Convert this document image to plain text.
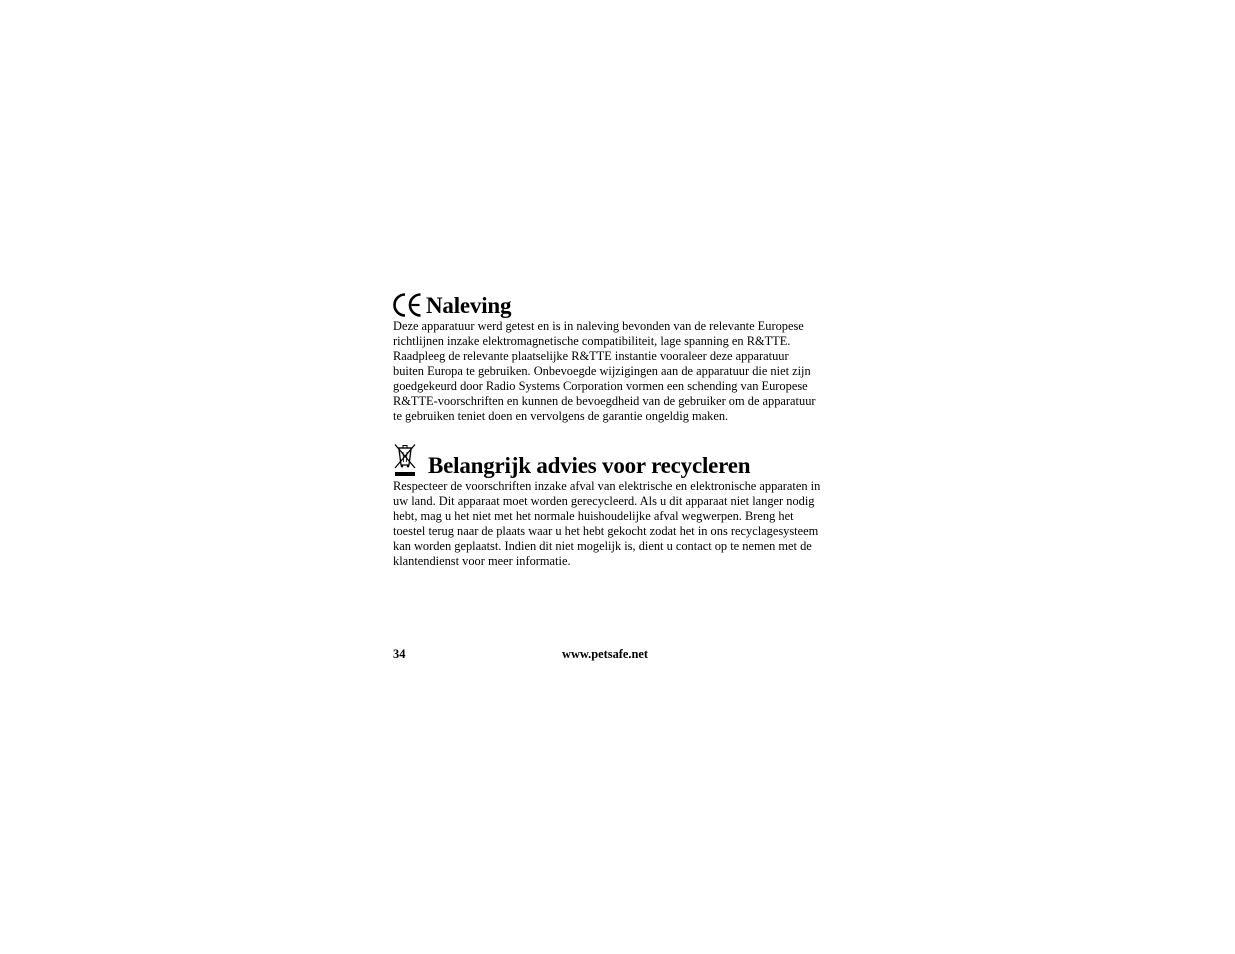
Naleving

Deze apparatuur werd getest en is in naleving bevonden van de relevante Europese
richtlijnen inzake elektromagnetische compatibiliteit, lage spanning en R&TTE.
Raadpleeg de relevante plaatselijke R&TTE instantie vooraleer deze apparatuur
buiten Europa te gebruiken. Onbevoegde wijzigingen aan de apparatuur die niet zijn
goedgekeurd door Radio Systems Corporation vormen een schending van Europese
R&TTE-voorschriften en kunnen de bevoegdheid van de gebruiker om de apparatuur
te gebruiken teniet doen en vervolgens de garantie ongeldig maken.

Belangrijk advies voor recycleren

Respecteer de voorschriften inzake afval van elektrische en elektronische apparaten in
uw land. Dit apparaat moet worden gerecycleerd. Als u dit apparaat niet langer nodig
hebt, mag u het niet met het normale huishoudelijke afval wegwerpen. Breng het
toestel terug naar de plaats waar u het hebt gekocht zodat het in ons recyclagesysteem
kan worden geplaatst. Indien dit niet mogelijk is, dient u contact op te nemen met de
klantendienst voor meer informatie.

34	www.petsafe.net
